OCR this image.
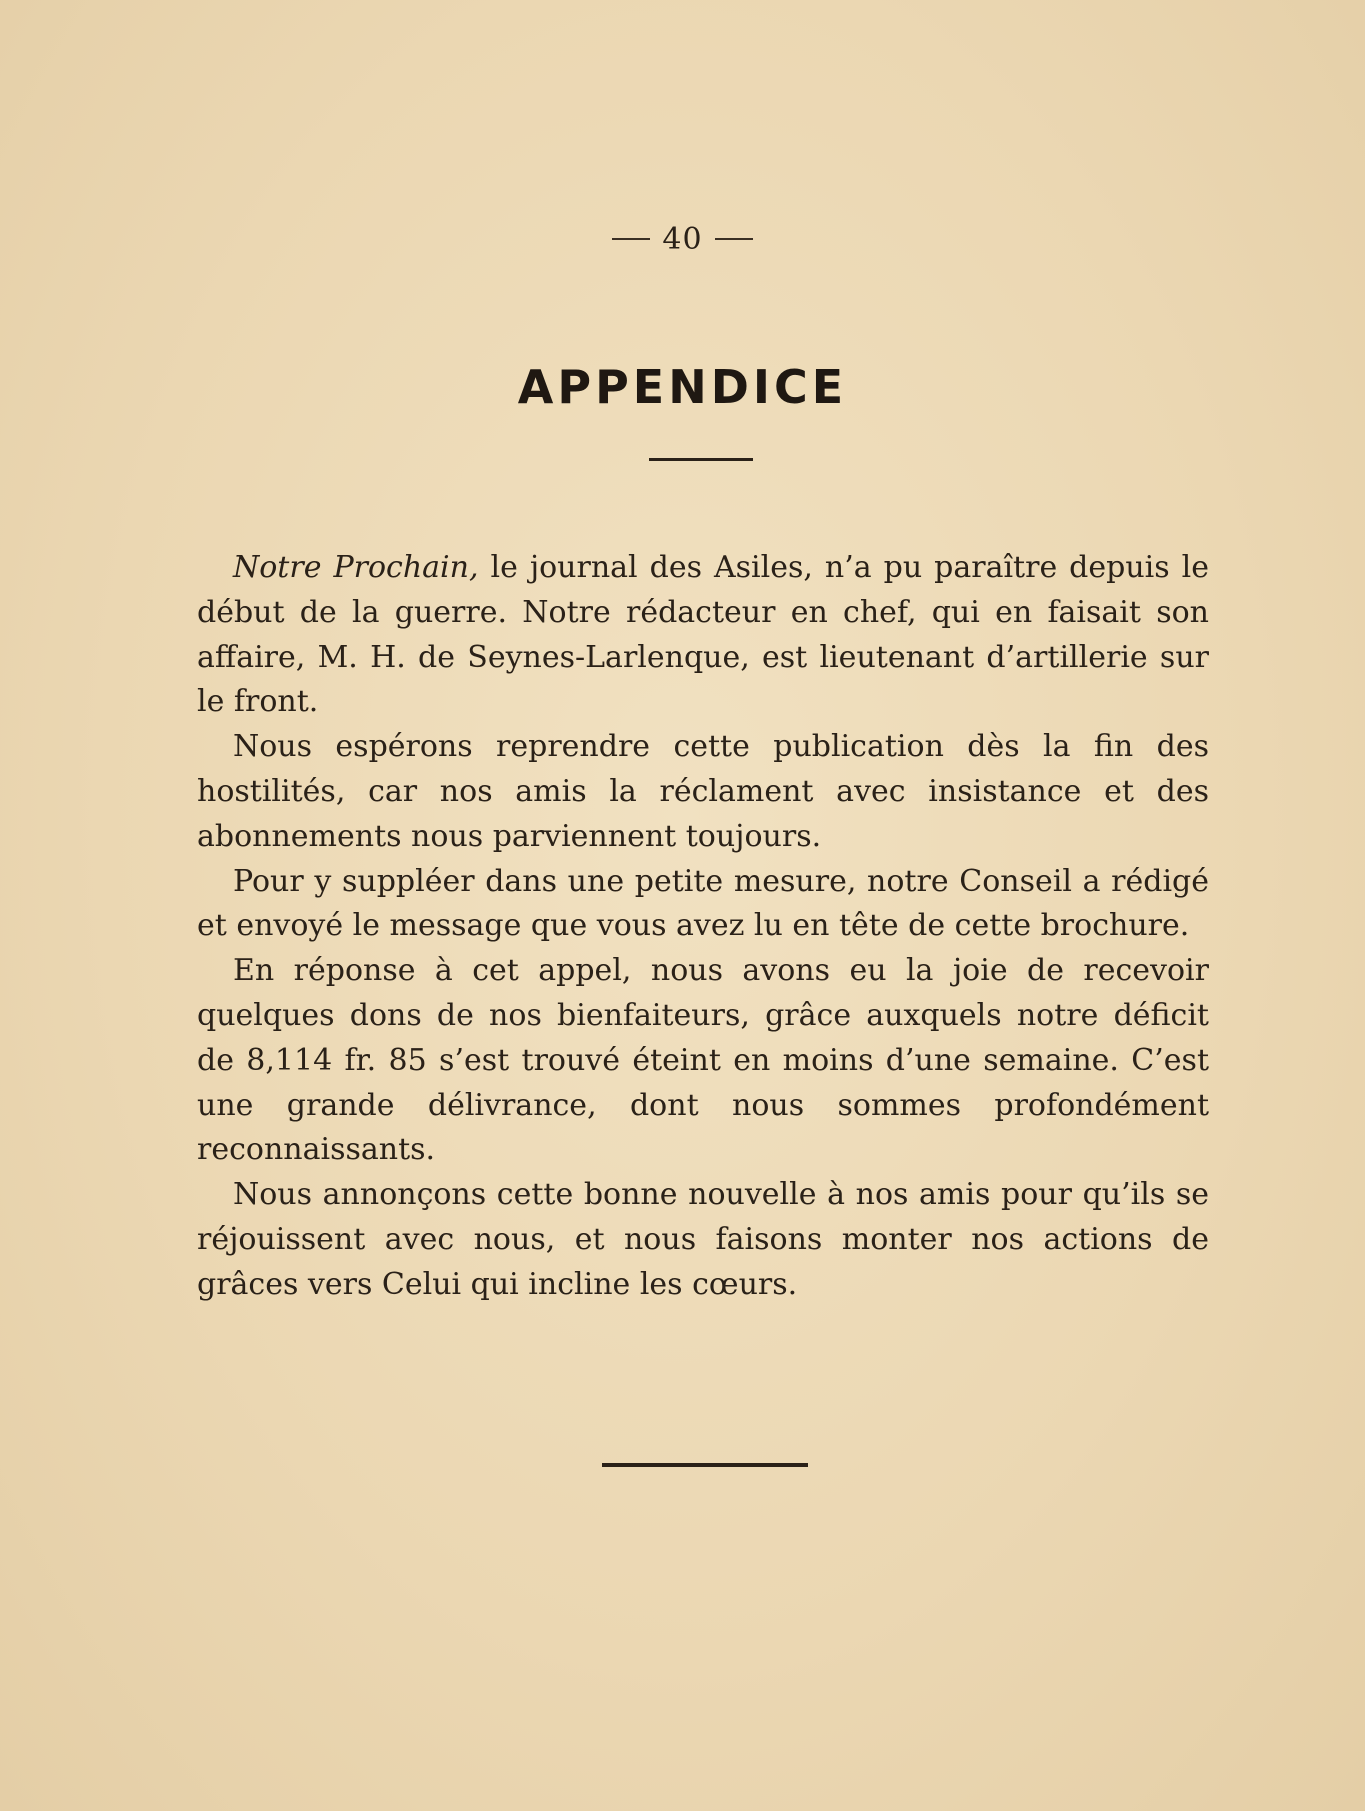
40
APPENDICE

Notre Prochain, le journal des Asiles, n’a pu paraître depuis le début de la guerre. Notre rédacteur en chef, qui en faisait son affaire, M. H. de Seynes-Larlenque, est lieutenant d’artillerie sur le front.

Nous espérons reprendre cette publication dès la fin des hostilités, car nos amis la réclament avec insistance et des abonnements nous parviennent toujours.

Pour y suppléer dans une petite mesure, notre Conseil a rédigé et envoyé le message que vous avez lu en tête de cette brochure.

En réponse à cet appel, nous avons eu la joie de recevoir quelques dons de nos bienfaiteurs, grâce auxquels notre déficit de 8,114 fr. 85 s’est trouvé éteint en moins d’une semaine. C’est une grande délivrance, dont nous sommes profondément reconnaissants.

Nous annonçons cette bonne nouvelle à nos amis pour qu’ils se réjouissent avec nous, et nous faisons monter nos actions de grâces vers Celui qui incline les cœurs.
